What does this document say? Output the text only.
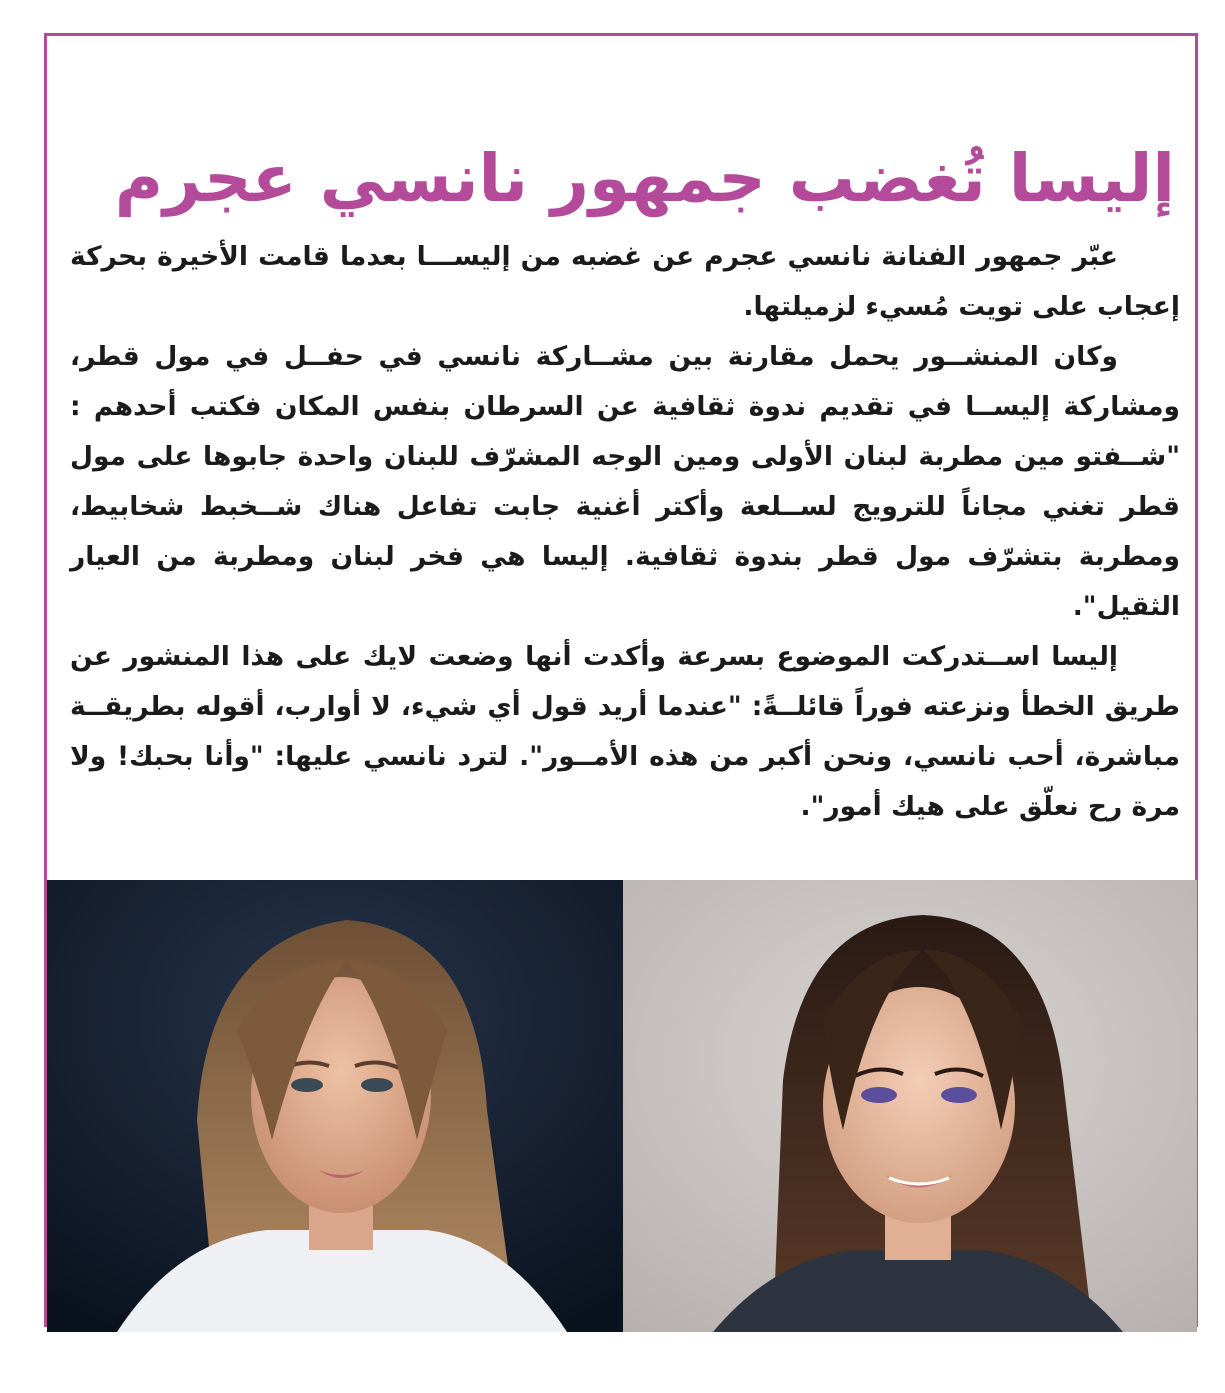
إليسا تُغضب جمهور نانسي عجرم

عبّر جمهور الفنانة نانسي عجرم عن غضبه من إليســـا بعدما قامت الأخيرة بحركة إعجاب على تويت مُسيء لزميلتها.

وكان المنشــور يحمل مقارنة بين مشــاركة نانسي في حفــل في مول قطر، ومشاركة إليســا في تقديم ندوة ثقافية عن السرطان بنفس المكان فكتب أحدهم : "شــفتو مين مطربة لبنان الأولى ومين الوجه المشرّف للبنان واحدة جابوها على مول قطر تغني مجاناً للترويج لســلعة وأكتر أغنية جابت تفاعل هناك شــخبط شخابيط، ومطربة بتشرّف مول قطر بندوة ثقافية. إليسا هي فخر لبنان ومطربة من العيار الثقيل".

إليسا اســتدركت الموضوع بسرعة وأكدت أنها وضعت لايك على هذا المنشور عن طريق الخطأ ونزعته فوراً قائلــةً: "عندما أريد قول أي شيء، لا أوارب، أقوله بطريقــة مباشرة، أحب نانسي، ونحن أكبر من هذه الأمــور". لترد نانسي عليها: "وأنا بحبك! ولا مرة رح نعلّق على هيك أمور".
